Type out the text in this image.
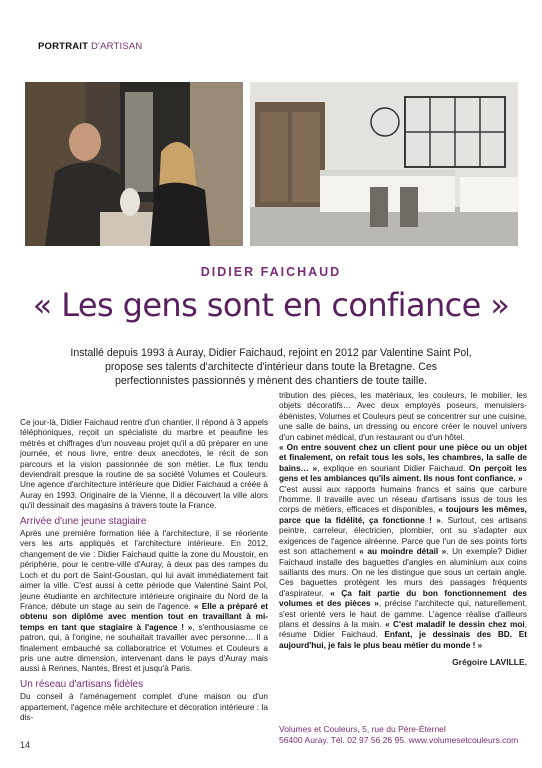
PORTRAIT D'ARTISAN
DIDIER FAICHAUD
« Les gens sont en confiance »
Installé depuis 1993 à Auray, Didier Faichaud, rejoint en 2012 par Valentine Saint Pol, propose ses talents d'architecte d'intérieur dans toute la Bretagne. Ces perfectionnistes passionnés y mènent des chantiers de toute taille.

Ce jour-là, Didier Faichaud rentre d'un chantier, il répond à 3 appels téléphoniques, reçoit un spécialiste du marbre et peaufine les métrés et chiffrages d'un nouveau projet qu'il a dû préparer en une journée, et nous livre, entre deux anecdotes, le récit de son parcours et la vision passionnée de son métier. Le flux tendu deviendrait presque la routine de sa société Volumes et Couleurs. Une agence d'architecture intérieure que Didier Faichaud a créée à Auray en 1993. Originaire de la Vienne, il a découvert la ville alors qu'il dessinait des magasins à travers toute la France.

Arrivée d'une jeune stagiaire

Après une première formation liée à l'architecture, il se réoriente vers les arts appliqués et l'architecture intérieure. En 2012, changement de vie : Didier Faichaud quitte la zone du Moustoir, en périphérie, pour le centre-ville d'Auray, à deux pas des rampes du Loch et du port de Saint-Goustan, qui lui avait immédiatement fait aimer la ville. C'est aussi à cette période que Valentine Saint Pol, jeune étudiante en architecture intérieure originaire du Nord de la France, débute un stage au sein de l'agence. « Elle a préparé et obtenu son diplôme avec mention tout en travaillant à mi-temps en tant que stagiaire à l'agence ! », s'enthousiasme ce patron, qui, à l'origine, ne souhaitait travailler avec personne… Il a finalement embauché sa collaboratrice et Volumes et Couleurs a pris une autre dimension, intervenant dans le pays d'Auray mais aussi à Rennes, Nantes, Brest et jusqu'à Paris.

Un réseau d'artisans fidèles

Du conseil à l'aménagement complet d'une maison ou d'un appartement, l'agence mêle architecture et décoration intérieure : la dis-

tribution des pièces, les matériaux, les couleurs, le mobilier, les objets décoratifs… Avec deux employés poseurs, menuisiers-ébénistes, Volumes et Couleurs peut se concentrer sur une cuisine, une salle de bains, un dressing ou encore créer le nouvel univers d'un cabinet médical, d'un restaurant ou d'un hôtel.

« On entre souvent chez un client pour une pièce ou un objet et finalement, on refait tous les sols, les chambres, la salle de bains… », explique en souriant Didier Faichaud. On perçoit les gens et les ambiances qu'ils aiment. Ils nous font confiance. »

C'est aussi aux rapports humains francs et sains que carbure l'homme. Il travaille avec un réseau d'artisans issus de tous les corps de métiers, efficaces et disponibles, « toujours les mêmes, parce que la fidélité, ça fonctionne ! ». Surtout, ces artisans peintre, carreleur, électricien, plombier, ont su s'adapter aux exigences de l'agence alréenne. Parce que l'un de ses points forts est son attachement « au moindre détail ». Un exemple? Didier Faichaud installe des baguettes d'angles en aluminium aux coins saillants des murs. On ne les distingue que sous un certain angle. Ces baguettes protègent les murs des passages fréquents d'aspirateur. « Ça fait partie du bon fonctionnement des volumes et des pièces », précise l'architecte qui, naturellement, s'est orienté vers le haut de gamme. L'agence réalise d'ailleurs plans et dessins à la main. « C'est maladif le dessin chez moi, résume Didier Faichaud. Enfant, je dessinais des BD. Et aujourd'hui, je fais le plus beau métier du monde ! »

Grégoire LAVILLE.
Volumes et Couleurs, 5, rue du Père-Éternel
56400 Auray. Tél. 02 97 56 26 95. www.volumesetcouleurs.com
14
